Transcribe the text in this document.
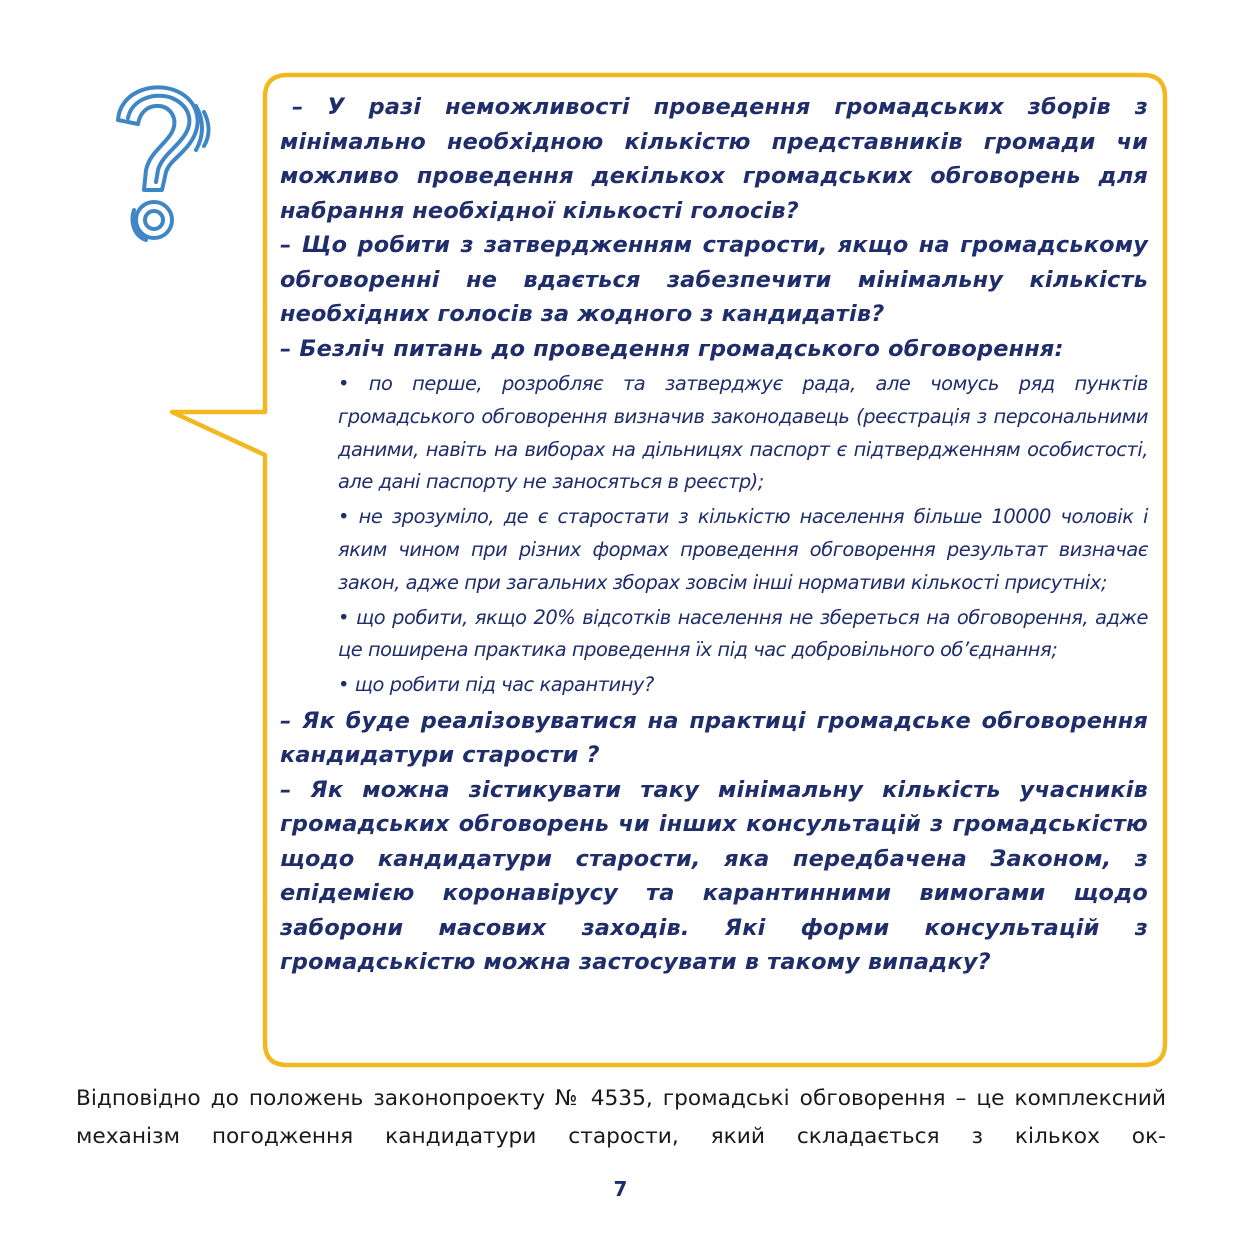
– У разі неможливості проведення громадських зборів з мінімально необхідною кількістю представників громади чи можливо проведення декількох громадських обговорень для набрання необхідної кількості голосів?

– Що робити з затвердженням старости, якщо на громадському обговоренні не вдається забезпечити мінімальну кількість необхідних голосів за жодного з кандидатів?

– Безліч питань до проведення громадського обговорення:

• по перше, розробляє та затверджує рада, але чомусь ряд пунктів громадського обговорення визначив законодавець (реєстрація з персональними даними, навіть на виборах на дільницях паспорт є підтвердженням особистості, але дані паспорту не заносяться в реєстр);

• не зрозуміло, де є старостати з кількістю населення більше 10000 чоловік і яким чином при різних формах проведення обговорення результат визначає закон, адже при загальних зборах зовсім інші нормативи кількості присутніх;

• що робити, якщо 20% відсотків населення не збереться на обговорення, адже це поширена практика проведення їх під час добровільного об’єднання;

• що робити під час карантину?

– Як буде реалізовуватися на практиці громадське обговорення кандидатури старости ?

– Як можна зістикувати таку мінімальну кількість учасників громадських обговорень чи інших консультацій з громадськістю щодо кандидатури старости, яка передбачена Законом, з епідемією коронавірусу та карантинними вимогами щодо заборони масових заходів. Які форми консультацій з громадськістю можна застосувати в такому випадку?

Відповідно до положень законопроекту № 4535, громадські обговорення – це комплексний механізм погодження кандидатури старости, який складається з кількох ок-

7
